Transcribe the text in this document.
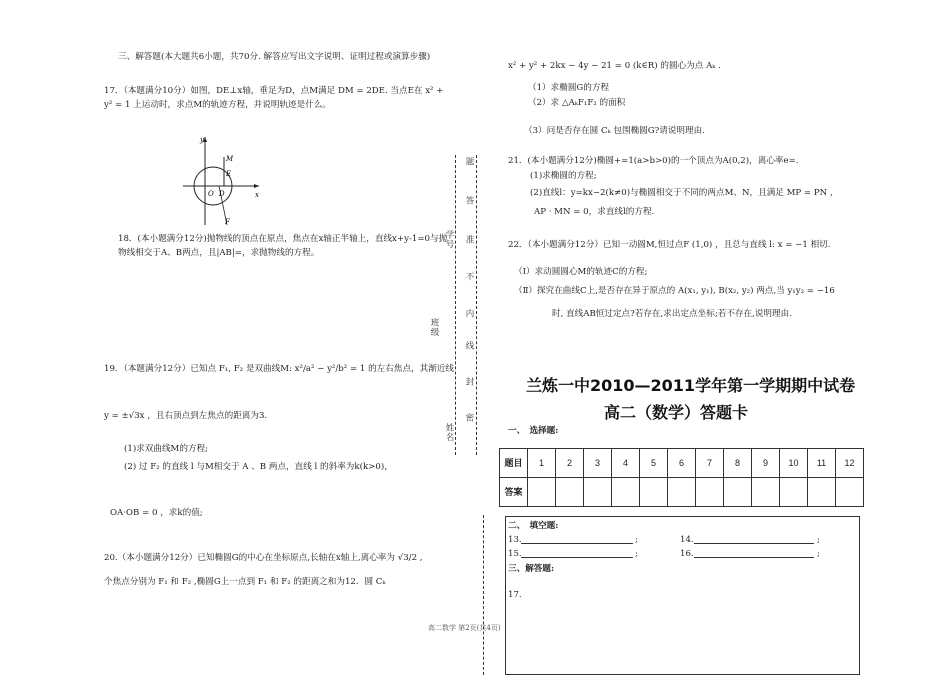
三、解答题(本大题共6小题，共70分. 解答应写出文字说明、证明过程或演算步骤)
17．（本题满分10分）如图，DE⊥x轴，垂足为D，点M满足 DM = 2DE. 当点E在 x² + y² = 1 上运动时，求点M的轨迹方程，并说明轨迹是什么。
x
y
M
E
O D
F
18．(本小题满分12分)抛物线的顶点在原点，焦点在x轴正半轴上，直线x+y-1=0与抛物线相交于A、B两点，且|AB|=，求抛物线的方程。
19．（本题满分12分）已知点 F₁, F₂ 是双曲线M: x²/a² − y²/b² = 1 的左右焦点，其渐近线
y = ±√3x ，且右顶点到左焦点的距离为3.
(1)求双曲线M的方程;
(2) 过 F₂ 的直线 l 与M相交于 A 、B 两点，直线 l 的斜率为k(k>0)，
OA·OB = 0 ，求k的值;
20.（本小题满分12分）已知椭圆G的中心在坐标原点,长轴在x轴上,离心率为 √3/2 ,
个焦点分别为 F₁ 和 F₂ ,椭圆G上一点到 F₁ 和 F₂ 的距离之和为12．圆 Cₖ
高二数学 第2页(共4页)
题
答
准
不
内
线
封
密
学号
班级
姓名
x² + y² + 2kx − 4y − 21 = 0 (k∈R) 的圆心为点 Aₖ .
（1）求椭圆G的方程
（2）求 △AₖF₁F₂ 的面积
（3）问是否存在圆 Cₖ 包围椭圆G?请说明理由.
21．(本小题满分12分)椭圆+=1(a>b>0)的一个顶点为A(0,2)，离心率e=.
(1)求椭圆的方程;
(2)直线l：y=kx−2(k≠0)与椭圆相交于不同的两点M、N，且满足 MP = PN ，
AP · MN = 0，求直线l的方程.
22．（本小题满分12分）已知一动圆M,恒过点F (1,0) ，且总与直线 l: x = −1 相切.
（Ⅰ）求动圆圆心M的轨迹C的方程;
（Ⅱ）探究在曲线C上,是否存在异于原点的 A(x₁, y₁), B(x₂, y₂) 两点,当 y₁y₂ = −16
时, 直线AB恒过定点?若存在,求出定点坐标;若不存在,说明理由.
兰炼一中2010—2011学年第一学期期中试卷
高二（数学）答题卡
一、　选择题:
题目	1	2	3	4	5	6	7	8	9	10	11	12
答案												
二、　填空题:
13.	;	14.	;
15.	;	16.	;
三、解答题:
17.
